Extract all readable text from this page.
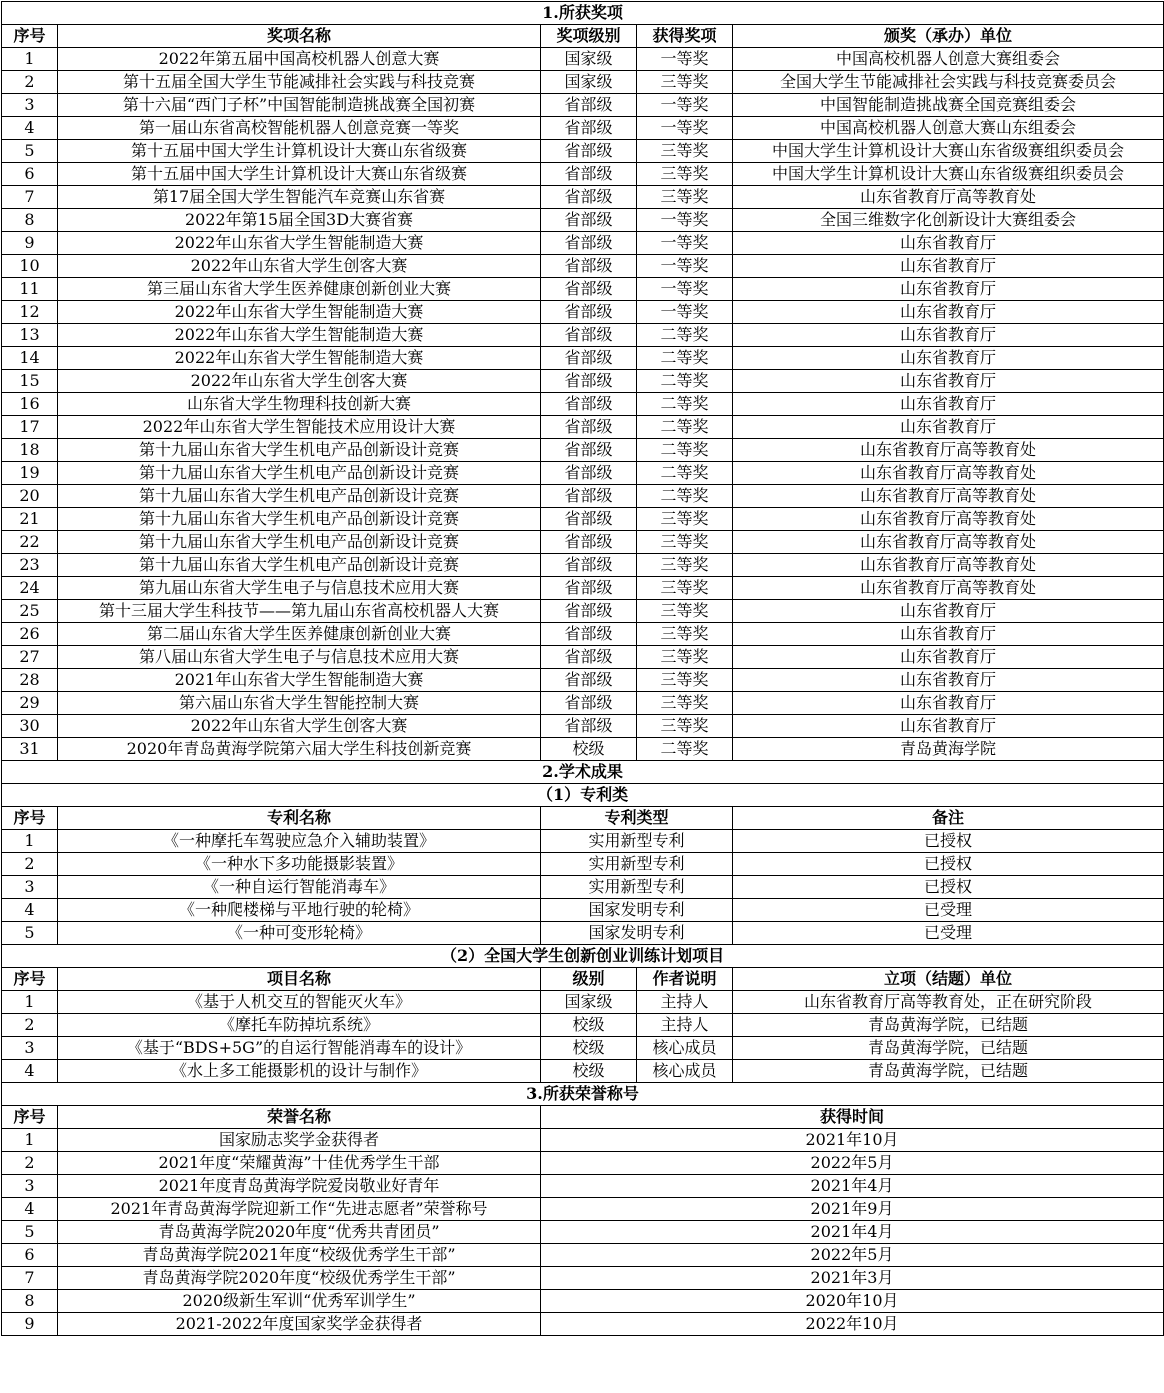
1.所获奖项				
序号	奖项名称	奖项级别	获得奖项	颁奖（承办）单位
1	2022年第五届中国高校机器人创意大赛	国家级	一等奖	中国高校机器人创意大赛组委会
2	第十五届全国大学生节能减排社会实践与科技竞赛	国家级	三等奖	全国大学生节能减排社会实践与科技竞赛委员会
3	第十六届“西门子杯”中国智能制造挑战赛全国初赛	省部级	一等奖	中国智能制造挑战赛全国竞赛组委会
4	第一届山东省高校智能机器人创意竞赛一等奖	省部级	一等奖	中国高校机器人创意大赛山东组委会
5	第十五届中国大学生计算机设计大赛山东省级赛	省部级	三等奖	中国大学生计算机设计大赛山东省级赛组织委员会
6	第十五届中国大学生计算机设计大赛山东省级赛	省部级	三等奖	中国大学生计算机设计大赛山东省级赛组织委员会
7	第17届全国大学生智能汽车竞赛山东省赛	省部级	三等奖	山东省教育厅高等教育处
8	2022年第15届全国3D大赛省赛	省部级	一等奖	全国三维数字化创新设计大赛组委会
9	2022年山东省大学生智能制造大赛	省部级	一等奖	山东省教育厅
10	2022年山东省大学生创客大赛	省部级	一等奖	山东省教育厅
11	第三届山东省大学生医养健康创新创业大赛	省部级	一等奖	山东省教育厅
12	2022年山东省大学生智能制造大赛	省部级	一等奖	山东省教育厅
13	2022年山东省大学生智能制造大赛	省部级	二等奖	山东省教育厅
14	2022年山东省大学生智能制造大赛	省部级	二等奖	山东省教育厅
15	2022年山东省大学生创客大赛	省部级	二等奖	山东省教育厅
16	山东省大学生物理科技创新大赛	省部级	二等奖	山东省教育厅
17	2022年山东省大学生智能技术应用设计大赛	省部级	二等奖	山东省教育厅
18	第十九届山东省大学生机电产品创新设计竞赛	省部级	二等奖	山东省教育厅高等教育处
19	第十九届山东省大学生机电产品创新设计竞赛	省部级	二等奖	山东省教育厅高等教育处
20	第十九届山东省大学生机电产品创新设计竞赛	省部级	二等奖	山东省教育厅高等教育处
21	第十九届山东省大学生机电产品创新设计竞赛	省部级	三等奖	山东省教育厅高等教育处
22	第十九届山东省大学生机电产品创新设计竞赛	省部级	三等奖	山东省教育厅高等教育处
23	第十九届山东省大学生机电产品创新设计竞赛	省部级	三等奖	山东省教育厅高等教育处
24	第九届山东省大学生电子与信息技术应用大赛	省部级	三等奖	山东省教育厅高等教育处
25	第十三届大学生科技节——第九届山东省高校机器人大赛	省部级	三等奖	山东省教育厅
26	第二届山东省大学生医养健康创新创业大赛	省部级	三等奖	山东省教育厅
27	第八届山东省大学生电子与信息技术应用大赛	省部级	三等奖	山东省教育厅
28	2021年山东省大学生智能制造大赛	省部级	三等奖	山东省教育厅
29	第六届山东省大学生智能控制大赛	省部级	三等奖	山东省教育厅
30	2022年山东省大学生创客大赛	省部级	三等奖	山东省教育厅
31	2020年青岛黄海学院第六届大学生科技创新竞赛	校级	二等奖	青岛黄海学院
2.学术成果				
（1）专利类				
序号	专利名称	专利类型		备注
1	《一种摩托车驾驶应急介入辅助装置》	实用新型专利		已授权
2	《一种水下多功能摄影装置》	实用新型专利		已授权
3	《一种自运行智能消毒车》	实用新型专利		已授权
4	《一种爬楼梯与平地行驶的轮椅》	国家发明专利		已受理
5	《一种可变形轮椅》	国家发明专利		已受理
（2）全国大学生创新创业训练计划项目				
序号	项目名称	级别	作者说明	立项（结题）单位
1	《基于人机交互的智能灭火车》	国家级	主持人	山东省教育厅高等教育处，正在研究阶段
2	《摩托车防掉坑系统》	校级	主持人	青岛黄海学院，已结题
3	《基于“BDS+5G”的自运行智能消毒车的设计》	校级	核心成员	青岛黄海学院，已结题
4	《水上多工能摄影机的设计与制作》	校级	核心成员	青岛黄海学院，已结题
3.所获荣誉称号				
序号	荣誉名称	获得时间		
1	国家励志奖学金获得者	2021年10月		
2	2021年度“荣耀黄海”十佳优秀学生干部	2022年5月		
3	2021年度青岛黄海学院爱岗敬业好青年	2021年4月		
4	2021年青岛黄海学院迎新工作“先进志愿者”荣誉称号	2021年9月		
5	青岛黄海学院2020年度“优秀共青团员”	2021年4月		
6	青岛黄海学院2021年度“校级优秀学生干部”	2022年5月		
7	青岛黄海学院2020年度“校级优秀学生干部”	2021年3月		
8	2020级新生军训“优秀军训学生”	2020年10月		
9	2021-2022年度国家奖学金获得者	2022年10月		
